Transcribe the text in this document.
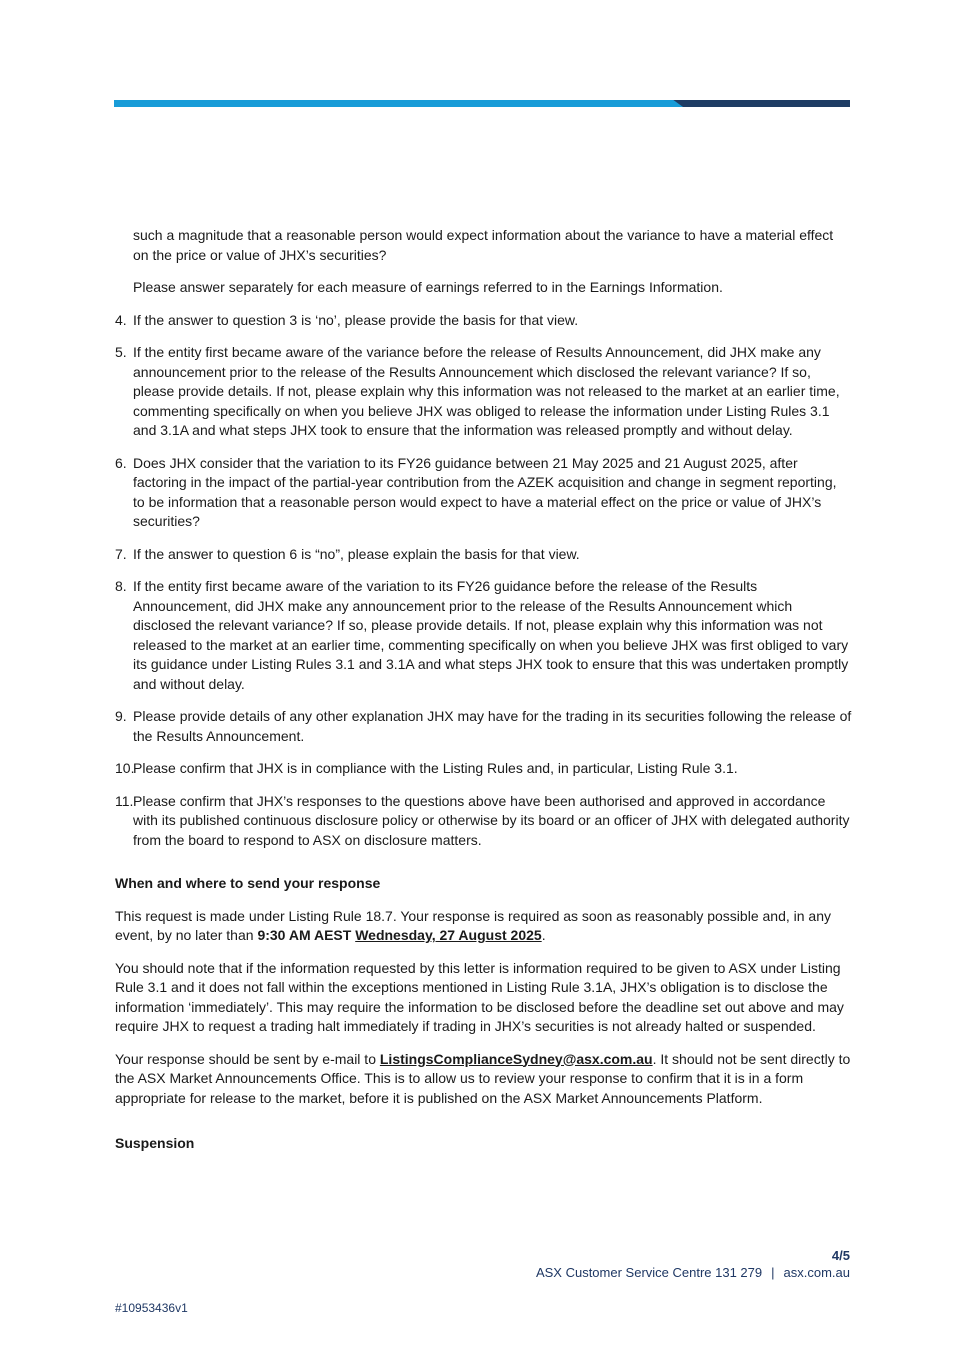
such a magnitude that a reasonable person would expect information about the variance to have a material effect on the price or value of JHX’s securities?

Please answer separately for each measure of earnings referred to in the Earnings Information.

4. If the answer to question 3 is ‘no’, please provide the basis for that view.
5. If the entity first became aware of the variance before the release of Results Announcement, did JHX make any announcement prior to the release of the Results Announcement which disclosed the relevant variance? If so, please provide details. If not, please explain why this information was not released to the market at an earlier time, commenting specifically on when you believe JHX was obliged to release the information under Listing Rules 3.1 and 3.1A and what steps JHX took to ensure that the information was released promptly and without delay.
6. Does JHX consider that the variation to its FY26 guidance between 21 May 2025 and 21 August 2025, after factoring in the impact of the partial-year contribution from the AZEK acquisition and change in segment reporting, to be information that a reasonable person would expect to have a material effect on the price or value of JHX’s securities?
7. If the answer to question 6 is “no”, please explain the basis for that view.
8. If the entity first became aware of the variation to its FY26 guidance before the release of the Results Announcement, did JHX make any announcement prior to the release of the Results Announcement which disclosed the relevant variance? If so, please provide details. If not, please explain why this information was not released to the market at an earlier time, commenting specifically on when you believe JHX was first obliged to vary its guidance under Listing Rules 3.1 and 3.1A and what steps JHX took to ensure that this was undertaken promptly and without delay.
9. Please provide details of any other explanation JHX may have for the trading in its securities following the release of the Results Announcement.
10.
Please confirm that JHX is in compliance with the Listing Rules and, in particular, Listing Rule 3.1.
11. Please confirm that JHX’s responses to the questions above have been authorised and approved in accordance with its published continuous disclosure policy or otherwise by its board or an officer of JHX with delegated authority from the board to respond to ASX on disclosure matters.
When and where to send your response

This request is made under Listing Rule 18.7. Your response is required as soon as reasonably possible and, in any event, by no later than 9:30 AM AEST Wednesday, 27 August 2025.

You should note that if the information requested by this letter is information required to be given to ASX under Listing Rule 3.1 and it does not fall within the exceptions mentioned in Listing Rule 3.1A, JHX’s obligation is to disclose the information ‘immediately’. This may require the information to be disclosed before the deadline set out above and may require JHX to request a trading halt immediately if trading in JHX’s securities is not already halted or suspended.

Your response should be sent by e-mail to ListingsComplianceSydney@asx.com.au. It should not be sent directly to the ASX Market Announcements Office. This is to allow us to review your response to confirm that it is in a form appropriate for release to the market, before it is published on the ASX Market Announcements Platform.

Suspension
4/5
ASX Customer Service Centre 131 279 | asx.com.au
#10953436v1
